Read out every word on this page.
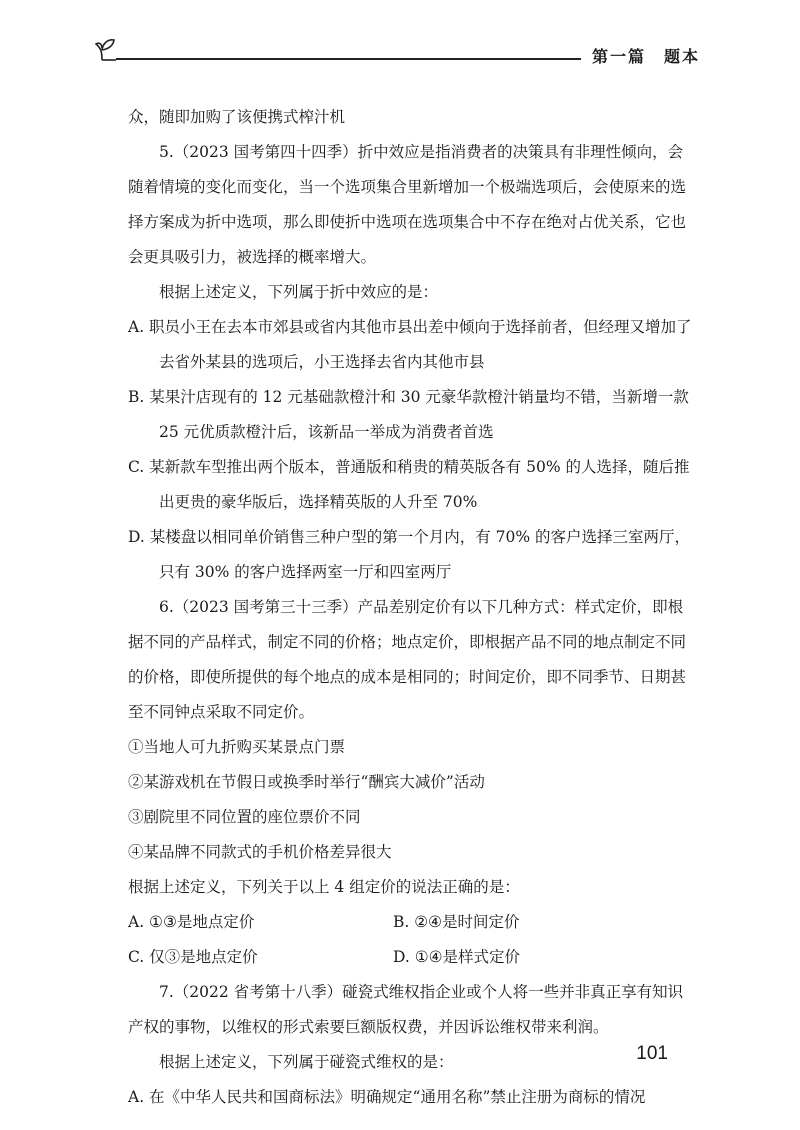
第一篇　题本

众，随即加购了该便携式榨汁机

5.（2023 国考第四十四季）折中效应是指消费者的决策具有非理性倾向，会随着情境的变化而变化，当一个选项集合里新增加一个极端选项后，会使原来的选择方案成为折中选项，那么即使折中选项在选项集合中不存在绝对占优关系，它也会更具吸引力，被选择的概率增大。

根据上述定义，下列属于折中效应的是：

A. 职员小王在去本市郊县或省内其他市县出差中倾向于选择前者，但经理又增加了去省外某县的选项后，小王选择去省内其他市县

B. 某果汁店现有的 12 元基础款橙汁和 30 元豪华款橙汁销量均不错，当新增一款 25 元优质款橙汁后，该新品一举成为消费者首选

C. 某新款车型推出两个版本，普通版和稍贵的精英版各有 50% 的人选择，随后推出更贵的豪华版后，选择精英版的人升至 70%

D. 某楼盘以相同单价销售三种户型的第一个月内，有 70% 的客户选择三室两厅，只有 30% 的客户选择两室一厅和四室两厅

6.（2023 国考第三十三季）产品差别定价有以下几种方式：样式定价，即根据不同的产品样式，制定不同的价格；地点定价，即根据产品不同的地点制定不同的价格，即使所提供的每个地点的成本是相同的；时间定价，即不同季节、日期甚至不同钟点采取不同定价。

①当地人可九折购买某景点门票

②某游戏机在节假日或换季时举行“酬宾大减价”活动

③剧院里不同位置的座位票价不同

④某品牌不同款式的手机价格差异很大

根据上述定义，下列关于以上 4 组定价的说法正确的是：

A. ①③是地点定价	B. ②④是时间定价
C. 仅③是地点定价	D. ①④是样式定价

7.（2022 省考第十八季）碰瓷式维权指企业或个人将一些并非真正享有知识产权的事物，以维权的形式索要巨额版权费，并因诉讼维权带来利润。

根据上述定义，下列属于碰瓷式维权的是：

A. 在《中华人民共和国商标法》明确规定“通用名称”禁止注册为商标的情况

101
